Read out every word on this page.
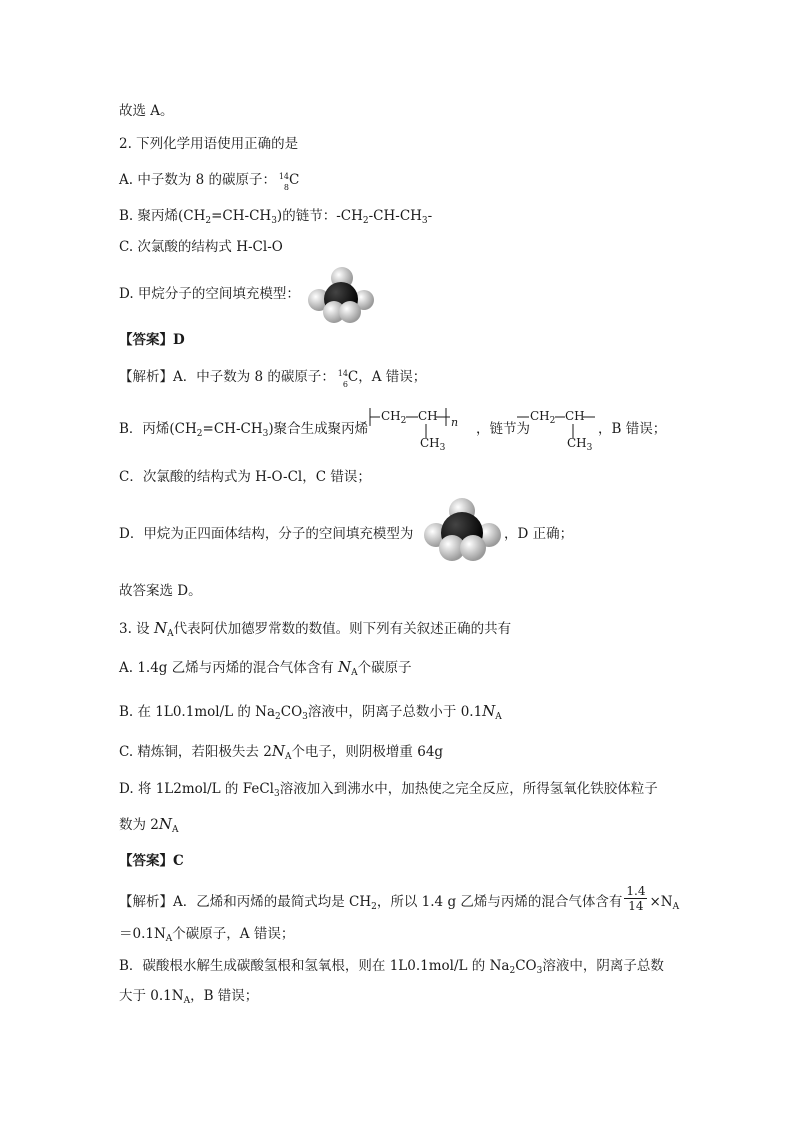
故选 A。
2. 下列化学用语使用正确的是
A. 中子数为 8 的碳原子： 14
8 C
B. 聚丙烯$(CH_2=CH-CH_3)$的链节：$-CH_2-CH-CH_3-$
C. 次氯酸的结构式 H-Cl-O
D. 甲烷分子的空间填充模型：
【答案】D
【解析】A．中子数为 8 的碳原子： 14
6 C，A 错误；
B．丙烯$(CH_2=CH-CH_3)$聚合生成聚丙烯
$CH_2$ CH n
$CH_3$
，链节为
$CH_2$ CH
$CH_3$
，B 错误；
C．次氯酸的结构式为 H-O-Cl，C 错误；
D．甲烷为正四面体结构，分子的空间填充模型为	，D 正确；
故答案选 D。
3. 设 $N_A$代表阿伏加德罗常数的数值。则下列有关叙述正确的共有
A. 1.4g 乙烯与丙烯的混合气体含有 $N_A$个碳原子
B. 在 1L0.1mol/L 的 $Na_2CO_3$溶液中，阴离子总数小于 $0.1N_A$
C. 精炼铜，若阳极失去 $2N_A$个电子，则阴极增重 64g
D. 将 1L2mol/L 的 FeCl$_3$溶液加入到沸水中，加热使之完全反应，所得氢氧化铁胶体粒子
数为 $2N_A$
【答案】C
【解析】A．乙烯和丙烯的最简式均是 $CH_2$，所以 1.4 g 乙烯与丙烯的混合气体含有 $\frac{1.4}{14} \times N_A$
$=0.1N_A$个碳原子，A 错误；
B．碳酸根水解生成碳酸氢根和氢氧根，则在 1L0.1mol/L 的 $Na_2CO_3$溶液中，阴离子总数
大于 $0.1N_A$，B 错误；
